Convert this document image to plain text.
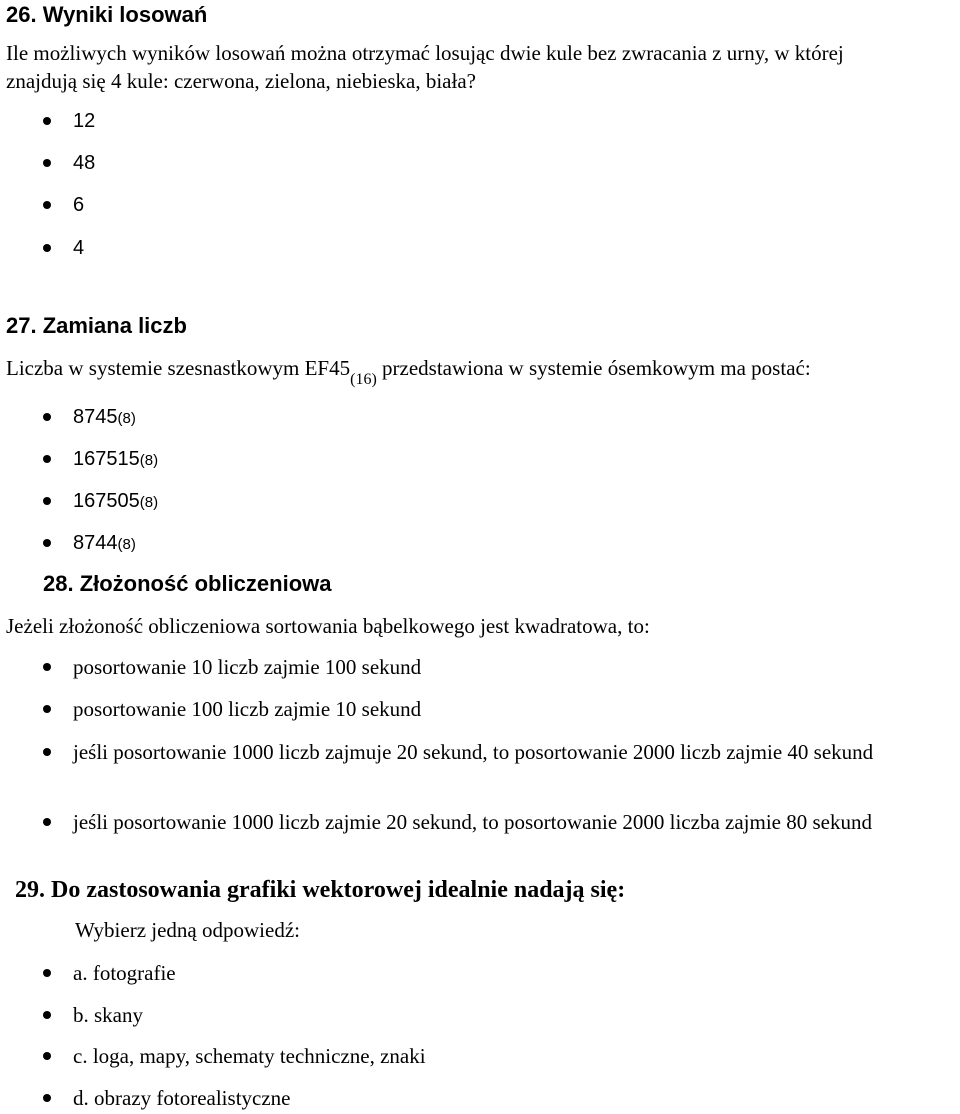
26. Wyniki losowań
Ile możliwych wyników losowań można otrzymać losując dwie kule bez zwracania z urny, w której
znajdują się 4 kule: czerwona, zielona, niebieska, biała?
12
48
6
4
27. Zamiana liczb
Liczba w systemie szesnastkowym $EF45_{(16)}$ przedstawiona w systemie ósemkowym ma postać:
8745(8)
167515(8)
167505(8)
8744(8)
28. Złożoność obliczeniowa
Jeżeli złożoność obliczeniowa sortowania bąbelkowego jest kwadratowa, to:
posortowanie 10 liczb zajmie 100 sekund
posortowanie 100 liczb zajmie 10 sekund
jeśli posortowanie 1000 liczb zajmuje 20 sekund, to posortowanie 2000 liczb zajmie 40 sekund
jeśli posortowanie 1000 liczb zajmie 20 sekund, to posortowanie 2000 liczba zajmie 80 sekund
29. Do zastosowania grafiki wektorowej idealnie nadają się:
Wybierz jedną odpowiedź:
a. fotografie
b. skany
c. loga, mapy, schematy techniczne, znaki
d. obrazy fotorealistyczne
